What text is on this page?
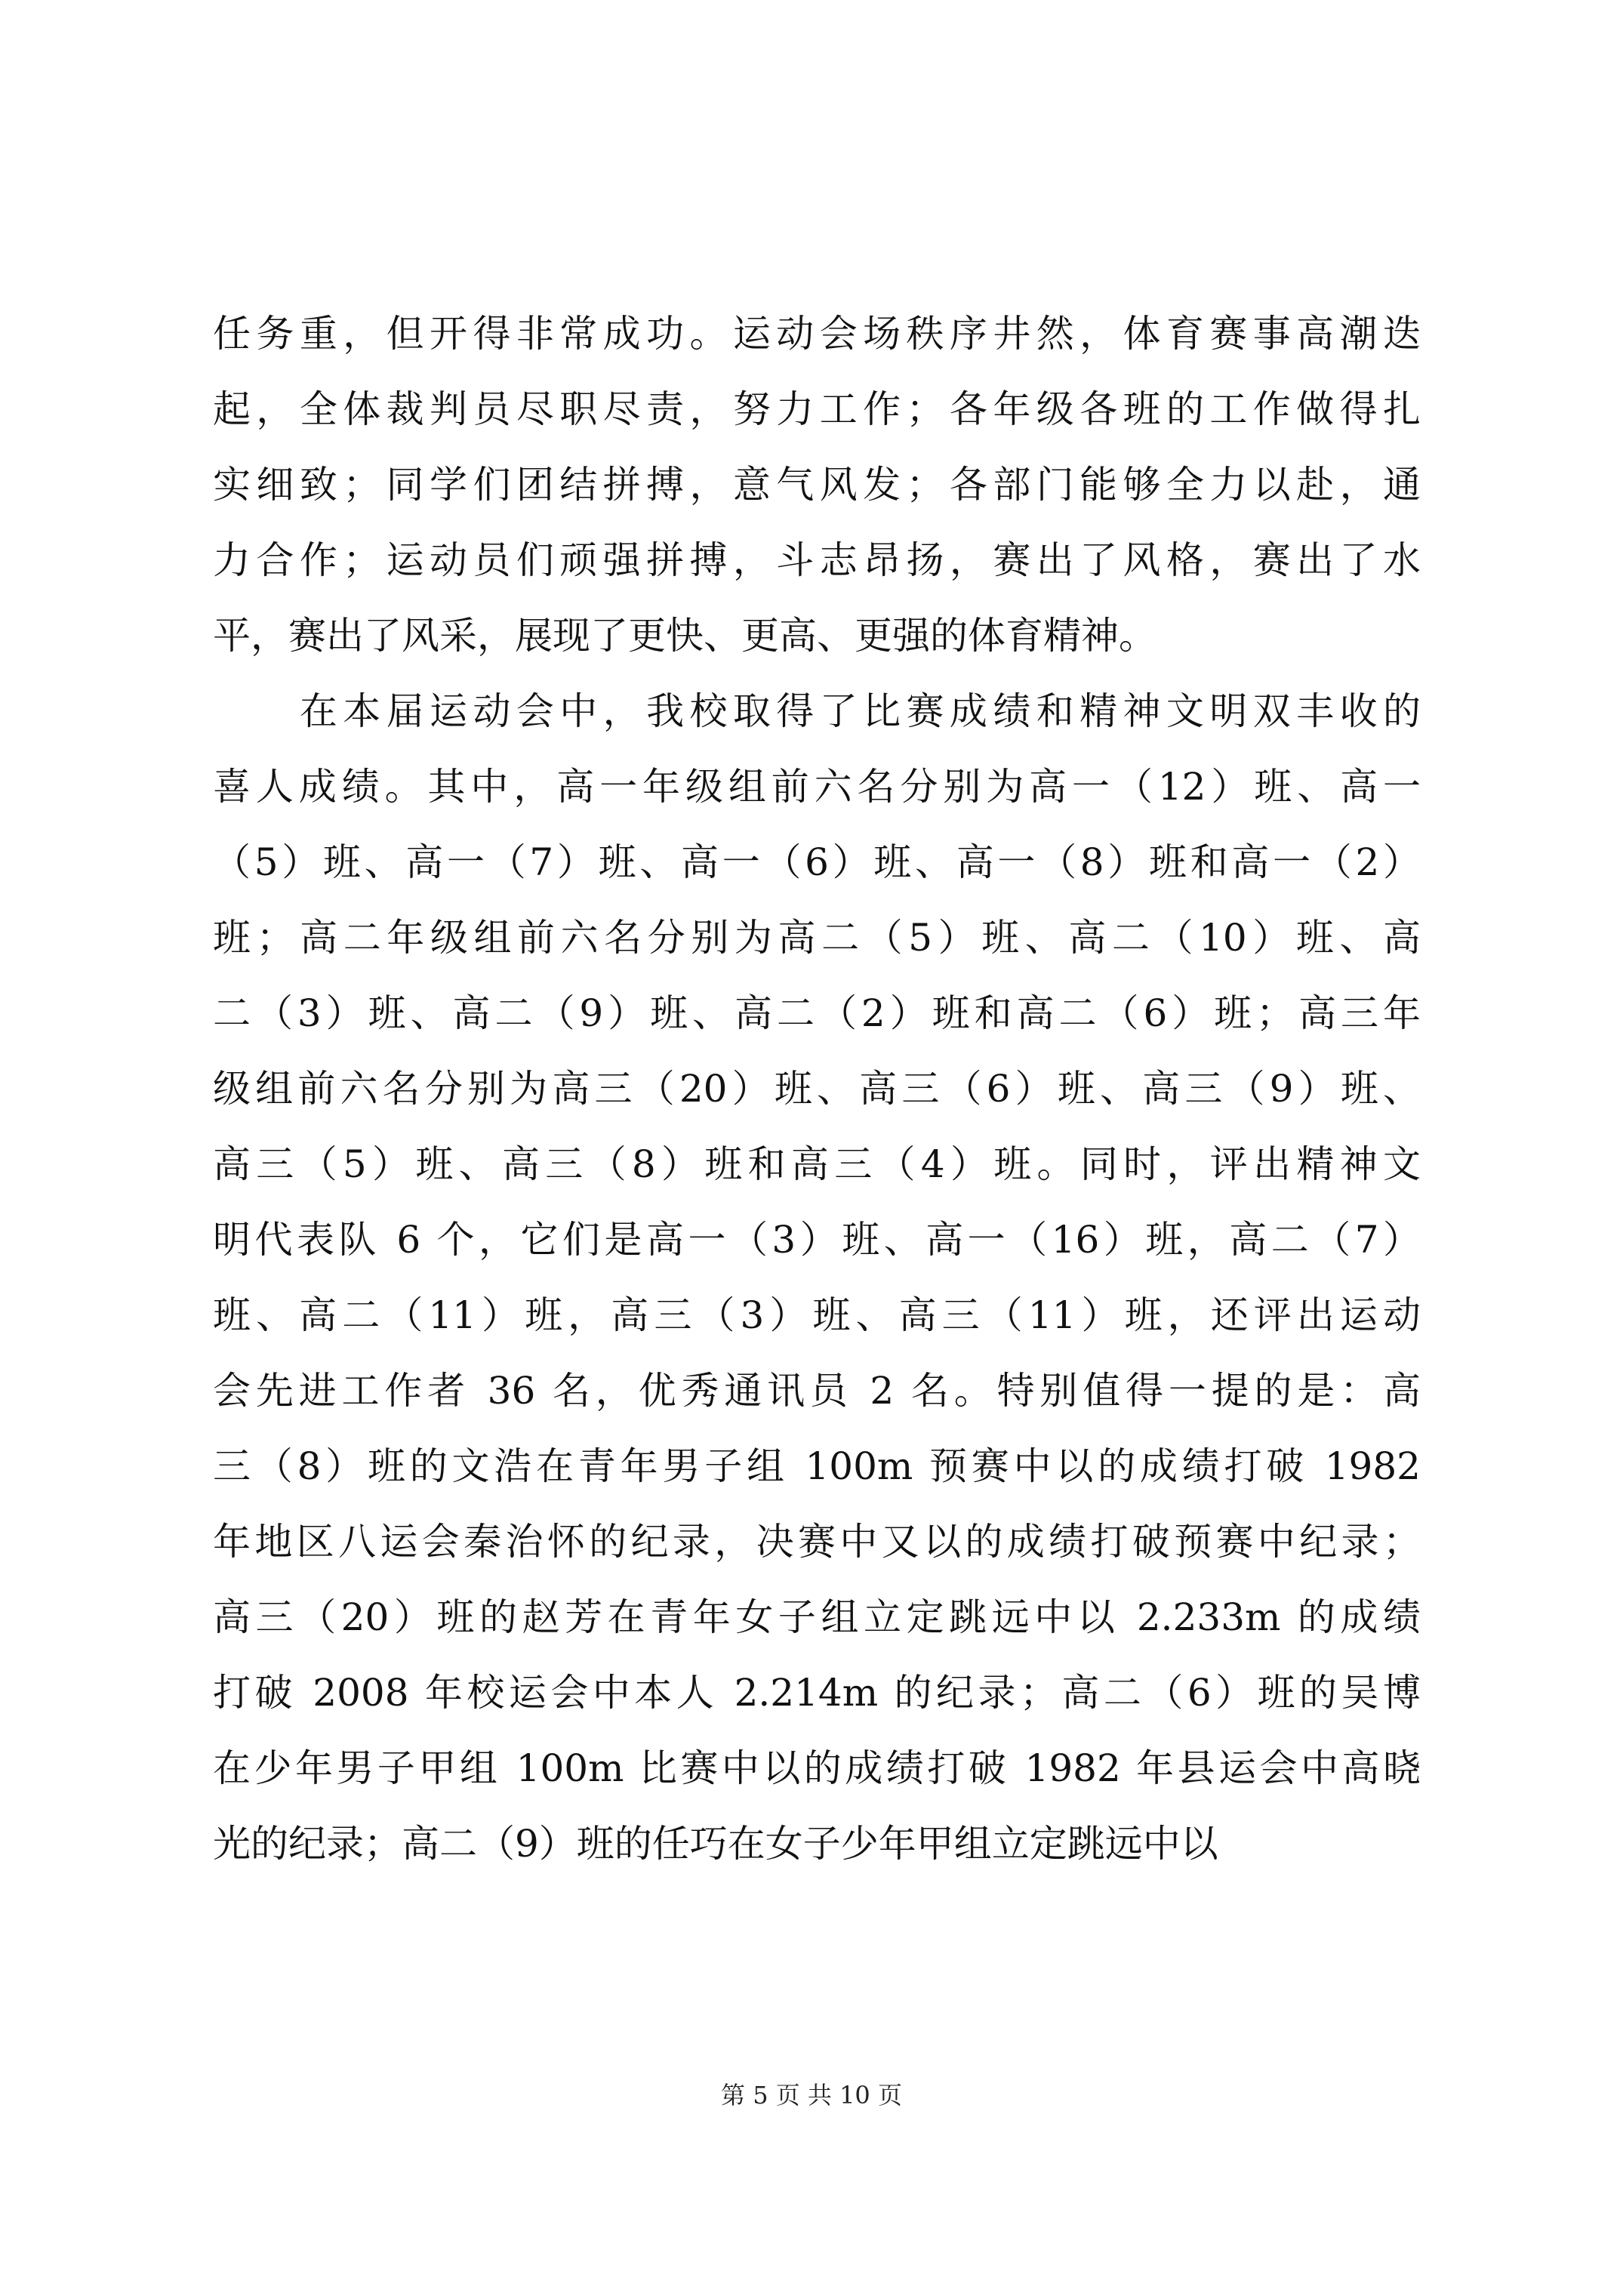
任务重，但开得非常成功。运动会场秩序井然，体育赛事高潮迭
起，全体裁判员尽职尽责，努力工作；各年级各班的工作做得扎
实细致；同学们团结拼搏，意气风发；各部门能够全力以赴，通
力合作；运动员们顽强拼搏，斗志昂扬，赛出了风格，赛出了水
平，赛出了风采，展现了更快、更高、更强的体育精神。
　　在本届运动会中，我校取得了比赛成绩和精神文明双丰收的
喜人成绩。其中，高一年级组前六名分别为高一（12）班、高一
（5）班、高一（7）班、高一（6）班、高一（8）班和高一（2）
班；高二年级组前六名分别为高二（5）班、高二（10）班、高
二（3）班、高二（9）班、高二（2）班和高二（6）班；高三年
级组前六名分别为高三（20）班、高三（6）班、高三（9）班、
高三（5）班、高三（8）班和高三（4）班。同时，评出精神文
明代表队 6 个，它们是高一（3）班、高一（16）班，高二（7）
班、高二（11）班，高三（3）班、高三（11）班，还评出运动
会先进工作者 36 名，优秀通讯员 2 名。特别值得一提的是：高
三（8）班的文浩在青年男子组 100m 预赛中以的成绩打破 1982
年地区八运会秦治怀的纪录，决赛中又以的成绩打破预赛中纪录；
高三（20）班的赵芳在青年女子组立定跳远中以 2.233m 的成绩
打破 2008 年校运会中本人 2.214m 的纪录；高二（6）班的吴博
在少年男子甲组 100m 比赛中以的成绩打破 1982 年县运会中高晓
光的纪录；高二（9）班的任巧在女子少年甲组立定跳远中以
第 5 页 共 10 页
